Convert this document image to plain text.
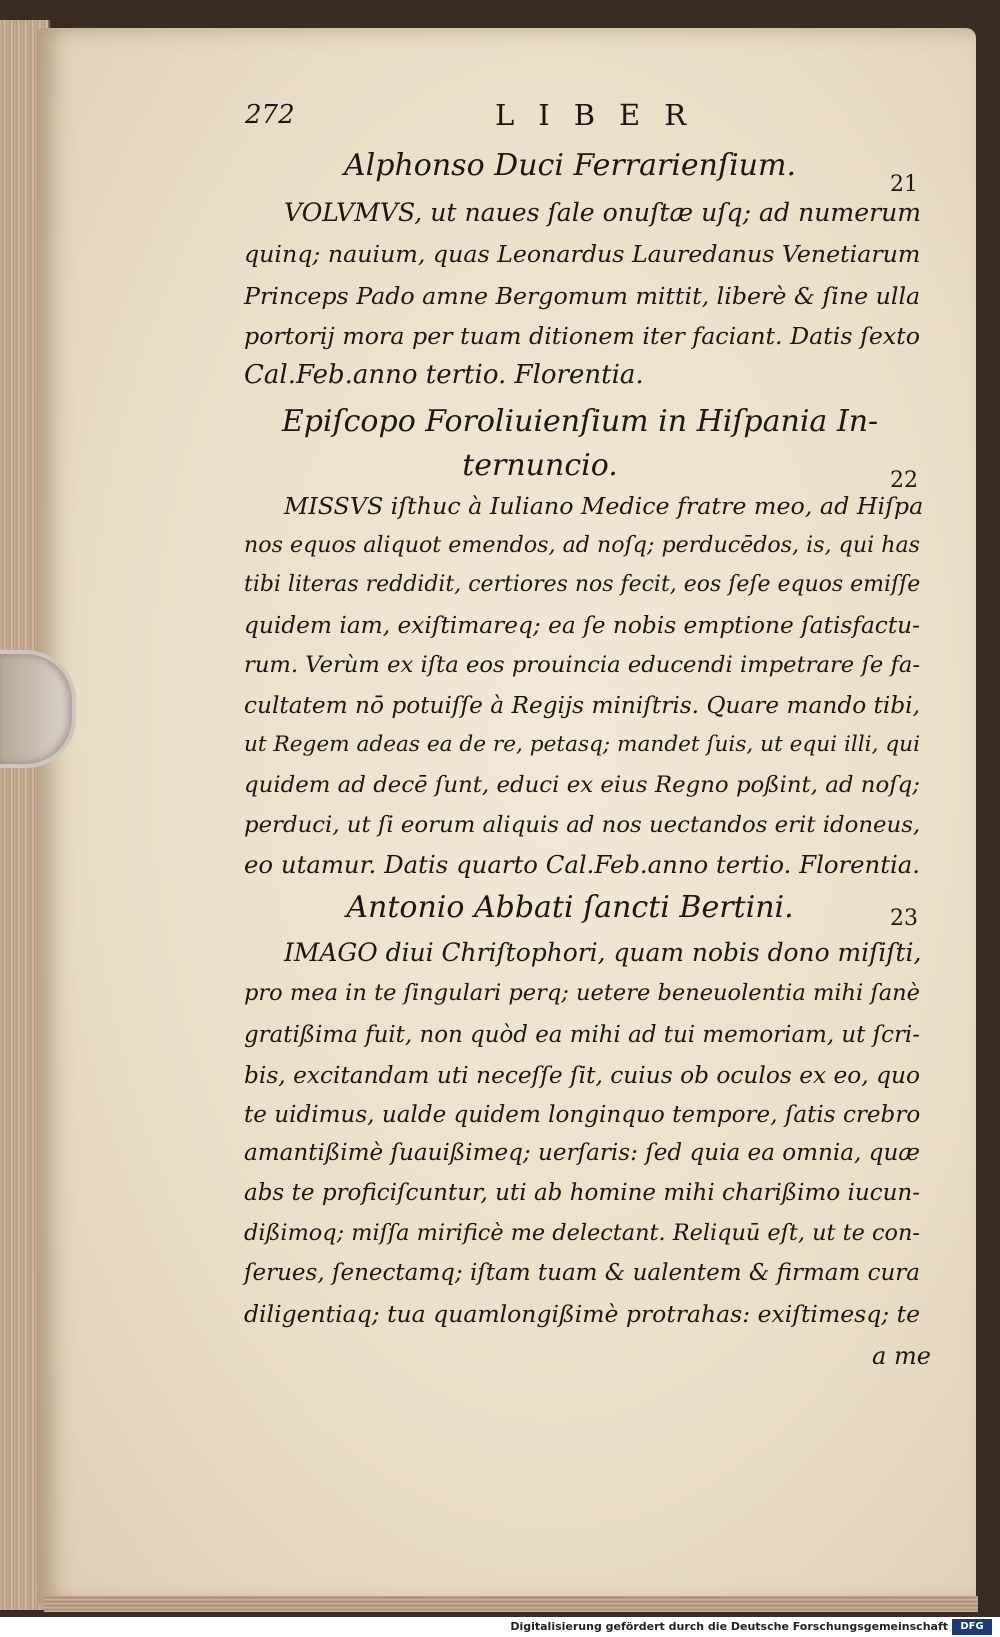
272	LIBER
Alphonso Duci Ferrarienſium.
21
VOLVMVS, ut naues ſale onuſtæ uſq; ad numerum
quinq; nauium, quas Leonardus Lauredanus Venetiarum
Princeps Pado amne Bergomum mittit, liberè & ſine ulla
portorij mora per tuam ditionem iter faciant. Datis ſexto
Cal.Feb.anno tertio. Florentia.
Epiſcopo Foroliuienſium in Hiſpania In-
ternuncio.	22
MISSVS iſthuc à Iuliano Medice fratre meo, ad Hiſpa
nos equos aliquot emendos, ad noſq; perducēdos, is, qui has
tibi literas reddidit, certiores nos fecit, eos ſeſe equos emiſſe
quidem iam, exiſtimareq; ea ſe nobis emptione ſatisfactu-
rum. Verùm ex iſta eos prouincia educendi impetrare ſe fa-
cultatem nō potuiſſe à Regijs miniſtris. Quare mando tibi,
ut Regem adeas ea de re, petasq; mandet ſuis, ut equi illi, qui
quidem ad decē ſunt, educi ex eius Regno poßint, ad noſq;
perduci, ut ſi eorum aliquis ad nos uectandos erit idoneus,
eo utamur. Datis quarto Cal.Feb.anno tertio. Florentia.
Antonio Abbati ſancti Bertini.	23
IMAGO diui Chriſtophori, quam nobis dono miſiſti,
pro mea in te ſingulari perq; uetere beneuolentia mihi ſanè
gratißima fuit, non quòd ea mihi ad tui memoriam, ut ſcri-
bis, excitandam uti neceſſe ſit, cuius ob oculos ex eo, quo
te uidimus, ualde quidem longinquo tempore, ſatis crebro
amantißimè ſuauißimeq; uerſaris: ſed quia ea omnia, quæ
abs te proficiſcuntur, uti ab homine mihi charißimo iucun-
dißimoq; miſſa mirificè me delectant. Reliquū eſt, ut te con-
ſerues, ſenectamq; iſtam tuam & ualentem & firmam cura
diligentiaq; tua quamlongißimè protrahas: exiſtimesq; te
a me
Digitalisierung gefördert durch die Deutsche Forschungsgemeinschaft	DFG
